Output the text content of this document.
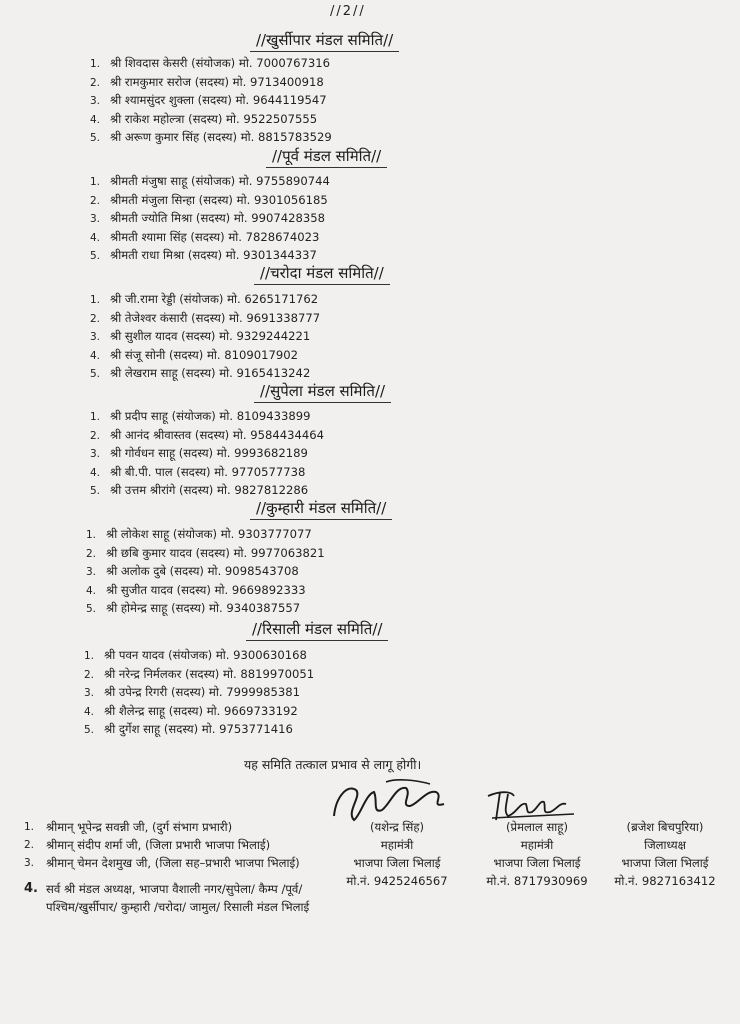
//2//
//खुर्सीपार मंडल समिति//
1. श्री शिवदास केसरी (संयोजक) मो. 7000767316
2. श्री रामकुमार सरोज (सदस्य) मो. 9713400918
3. श्री श्यामसुंदर शुक्ला (सदस्य) मो. 9644119547
4. श्री राकेश महोल्त्रा (सदस्य) मो. 9522507555
5. श्री अरूण कुमार सिंह (सदस्य) मो. 8815783529
//पूर्व मंडल समिति//
1. श्रीमती मंजुषा साहू (संयोजक) मो. 9755890744
2. श्रीमती मंजुला सिन्हा (सदस्य) मो. 9301056185
3. श्रीमती ज्योति मिश्रा (सदस्य) मो. 9907428358
4. श्रीमती श्यामा सिंह (सदस्य) मो. 7828674023
5. श्रीमती राधा मिश्रा (सदस्य) मो. 9301344337
//चरोदा मंडल समिति//
1. श्री जी.रामा रेड्डी (संयोजक) मो. 6265171762
2. श्री तेजेश्वर कंसारी (सदस्य) मो. 9691338777
3. श्री सुशील यादव (सदस्य) मो. 9329244221
4. श्री संजू सोनी (सदस्य) मो. 8109017902
5. श्री लेखराम साहू (सदस्य) मो. 9165413242
//सुपेला मंडल समिति//
1. श्री प्रदीप साहू (संयोजक) मो. 8109433899
2. श्री आनंद श्रीवास्तव (सदस्य) मो. 9584434464
3. श्री गोर्वधन साहू (सदस्य) मो. 9993682189
4. श्री बी.पी. पाल (सदस्य) मो. 9770577738
5. श्री उत्तम श्रीरांगे (सदस्य) मो. 9827812286
//कुम्हारी मंडल समिति//
1. श्री लोकेश साहू (संयोजक) मो. 9303777077
2. श्री छबि कुमार यादव (सदस्य) मो. 9977063821
3. श्री अलोक दुबे (सदस्य) मो. 9098543708
4. श्री सुजीत यादव (सदस्य) मो. 9669892333
5. श्री होमेन्द्र साहू (सदस्य) मो. 9340387557
//रिसाली मंडल समिति//
1. श्री पवन यादव (संयोजक) मो. 9300630168
2. श्री नरेन्द्र निर्मलकर (सदस्य) मो. 8819970051
3. श्री उपेन्द्र रिगरी (सदस्य) मो. 7999985381
4. श्री शैलेन्द्र साहू (सदस्य) मो. 9669733192
5. श्री दुर्गेश साहू (सदस्य) मो. 9753771416
यह समिति तत्काल प्रभाव से लागू होगी।
(यशेन्द्र सिंह)
महामंत्री
भाजपा जिला भिलाई
मो.नं. 9425246567
(प्रेमलाल साहू)
महामंत्री
भाजपा जिला भिलाई
मो.नं. 8717930969
(ब्रजेश बिचपुरिया)
जिलाध्यक्ष
भाजपा जिला भिलाई
मो.नं. 9827163412
1.	श्रीमान् भूपेन्द्र सवन्नी जी, (दुर्ग संभाग प्रभारी)
2.	श्रीमान् संदीप शर्मा जी, (जिला प्रभारी भाजपा भिलाई)
3.	श्रीमान् चेमन देशमुख जी, (जिला सह–प्रभारी भाजपा भिलाई)
4. सर्व श्री मंडल अध्यक्ष, भाजपा वैशाली नगर/सुपेला/ कैम्प /पूर्व/पश्चिम/खुर्सीपार/ कुम्हारी /चरोदा/ जामुल/ रिसाली मंडल भिलाई
